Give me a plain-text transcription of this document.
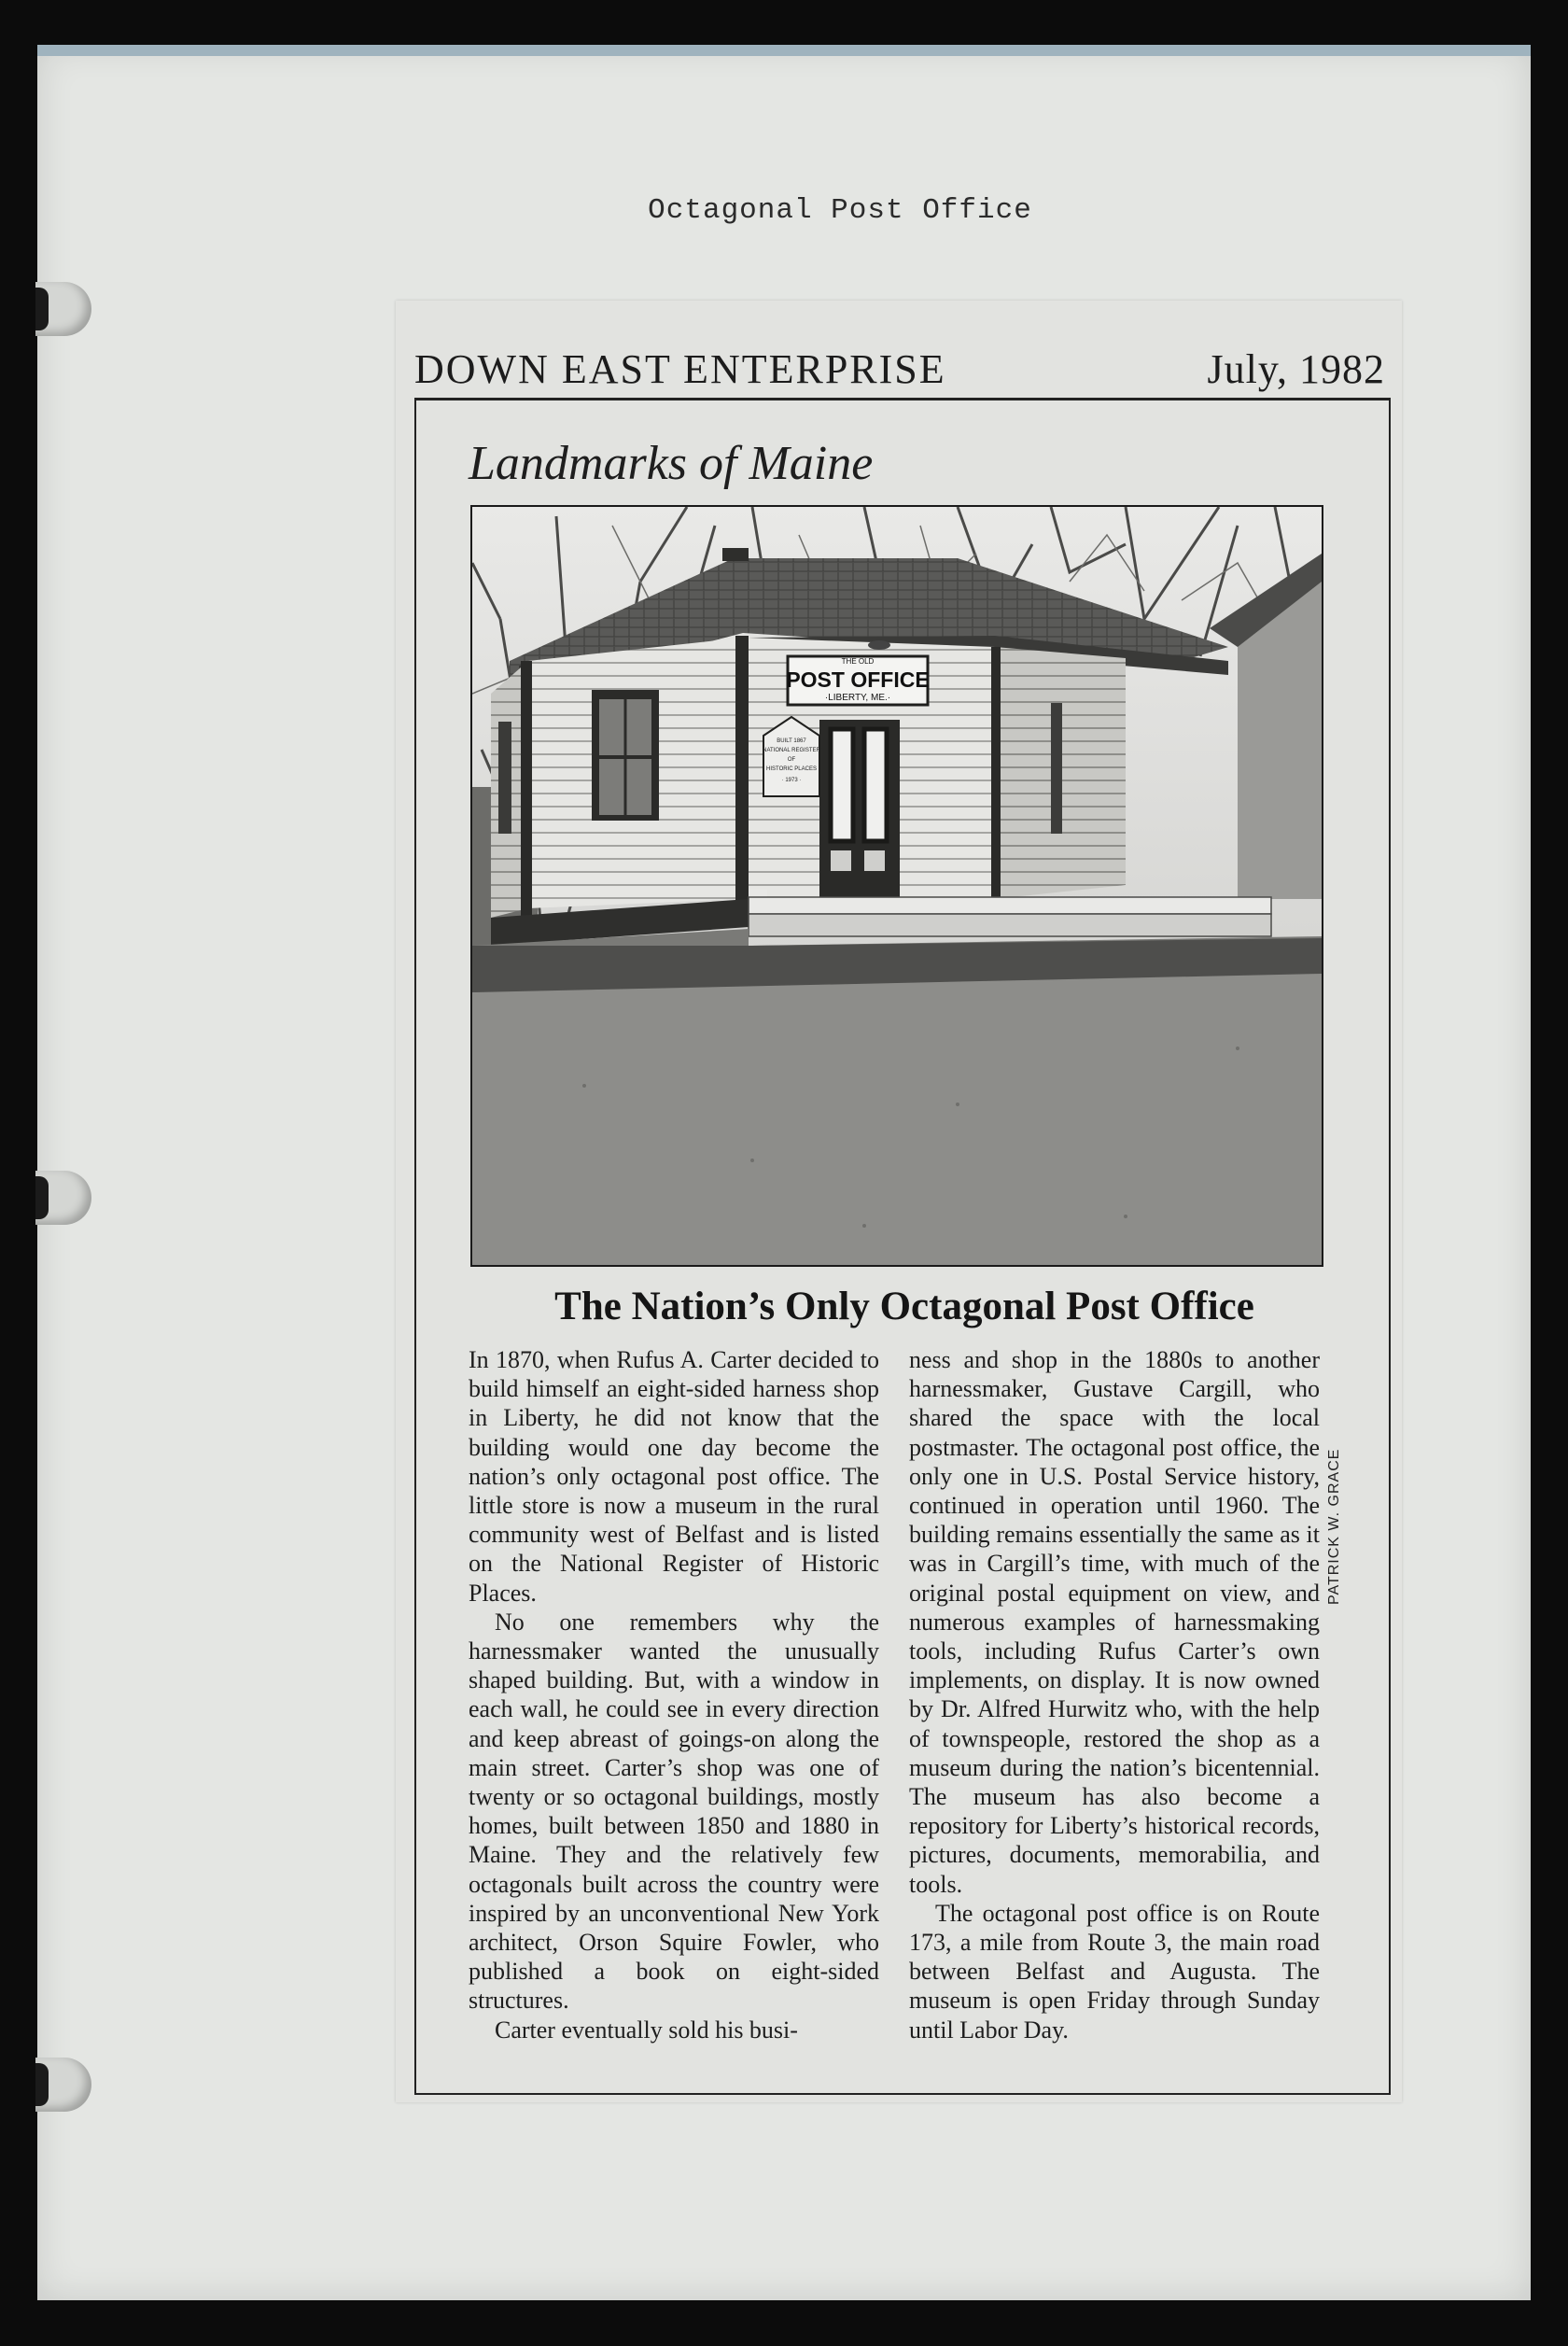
Octagonal Post Office
DOWN EAST ENTERPRISE	July, 1982
Landmarks of Maine
POST OFFICE
THE OLD
·LIBERTY, ME.·
BUILT 1867
NATIONAL REGISTER
OF
HISTORIC PLACES
· 1973 ·
PATRICK W. GRACE
The Nation’s Only Octagonal Post Office

In 1870, when Rufus A. Carter decided to build himself an eight-sided harness shop in Liberty, he did not know that the building would one day become the nation’s only octagonal post office. The little store is now a museum in the rural community west of Belfast and is listed on the National Register of Historic Places.

No one remembers why the harnessmaker wanted the unusually shaped building. But, with a window in each wall, he could see in every direction and keep abreast of goings-on along the main street. Carter’s shop was one of twenty or so octagonal buildings, mostly homes, built between 1850 and 1880 in Maine. They and the relatively few octagonals built across the country were inspired by an unconventional New York architect, Orson Squire Fowler, who published a book on eight-sided structures.

Carter eventually sold his busi-

ness and shop in the 1880s to another harnessmaker, Gustave Cargill, who shared the space with the local postmaster. The octagonal post office, the only one in U.S. Postal Service history, continued in operation until 1960. The building remains essentially the same as it was in Cargill’s time, with much of the original postal equipment on view, and numerous examples of harnessmaking tools, including Rufus Carter’s own implements, on display. It is now owned by Dr. Alfred Hurwitz who, with the help of townspeople, restored the shop as a museum during the nation’s bicentennial. The museum has also become a repository for Liberty’s historical records, pictures, documents, memorabilia, and tools.

The octagonal post office is on Route 173, a mile from Route 3, the main road between Belfast and Augusta. The museum is open Friday through Sunday until Labor Day.
